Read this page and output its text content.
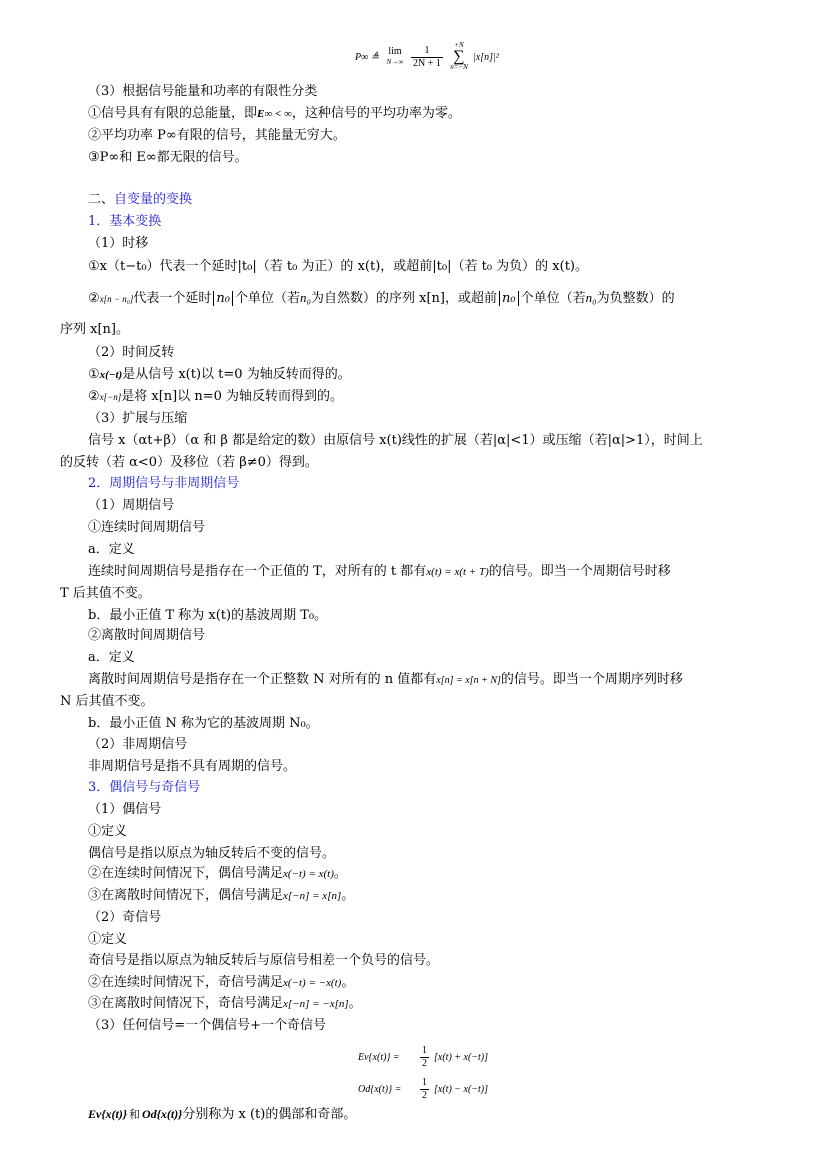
P∞ ≜
lim
$N\to\infty \frac{1}{2N + 1}$	+N
∑
n=−N
|x[n]|²
（3）根据信号能量和功率的有限性分类
①信号具有有限的总能量，即E∞ < ∞，这种信号的平均功率为零。
②平均功率 P∞有限的信号，其能量无穷大。
③P∞和 E∞都无限的信号。
二、自变量的变换
1．基本变换
（1）时移
①x（t−t₀）代表一个延时|t₀|（若 t₀ 为正）的 x(t)，或超前|t₀|（若 t₀ 为负）的 x(t)。
②x[n − n₀]代表一个延时 n₀ 个单位（若n₀为自然数）的序列 x[n]，或超前 n₀ 个单位（若n₀为负整数）的
序列 x[n]。
（2）时间反转
①x(−t)是从信号 x(t)以 t=0 为轴反转而得的。
②x[−n]是将 x[n]以 n=0 为轴反转而得到的。
（3）扩展与压缩
信号 x（αt+β）（α 和 β 都是给定的数）由原信号 x(t)线性的扩展（若|α|<1）或压缩（若|α|>1），时间上
的反转（若 α<0）及移位（若 β≠0）得到。
2．周期信号与非周期信号
（1）周期信号
①连续时间周期信号
a．定义
连续时间周期信号是指存在一个正值的 T，对所有的 t 都有x(t) = x(t + T)的信号。即当一个周期信号时移
T 后其值不变。
b．最小正值 T 称为 x(t)的基波周期 T₀。
②离散时间周期信号
a．定义
离散时间周期信号是指存在一个正整数 N 对所有的 n 值都有x[n] = x[n + N]的信号。即当一个周期序列时移
N 后其值不变。
b．最小正值 N 称为它的基波周期 N₀。
（2）非周期信号
非周期信号是指不具有周期的信号。
3．偶信号与奇信号
（1）偶信号
①定义
偶信号是指以原点为轴反转后不变的信号。
②在连续时间情况下，偶信号满足x(−t) = x(t)。
③在离散时间情况下，偶信号满足x[−n] = x[n]。
（2）奇信号
①定义
奇信号是指以原点为轴反转后与原信号相差一个负号的信号。
②在连续时间情况下，奇信号满足x(−t) = −x(t)。
③在离散时间情况下，奇信号满足x[−n] = −x[n]。
（3）任何信号=一个偶信号+一个奇信号
$Ev\{x(t)\} = \frac{1}{2} [x(t) + x(-t)]$
$Od\{x(t)\} = \frac{1}{2} [x(t) - x(-t)]$
Ev{x(t)} 和 Od{x(t)}分别称为 x (t)的偶部和奇部。
